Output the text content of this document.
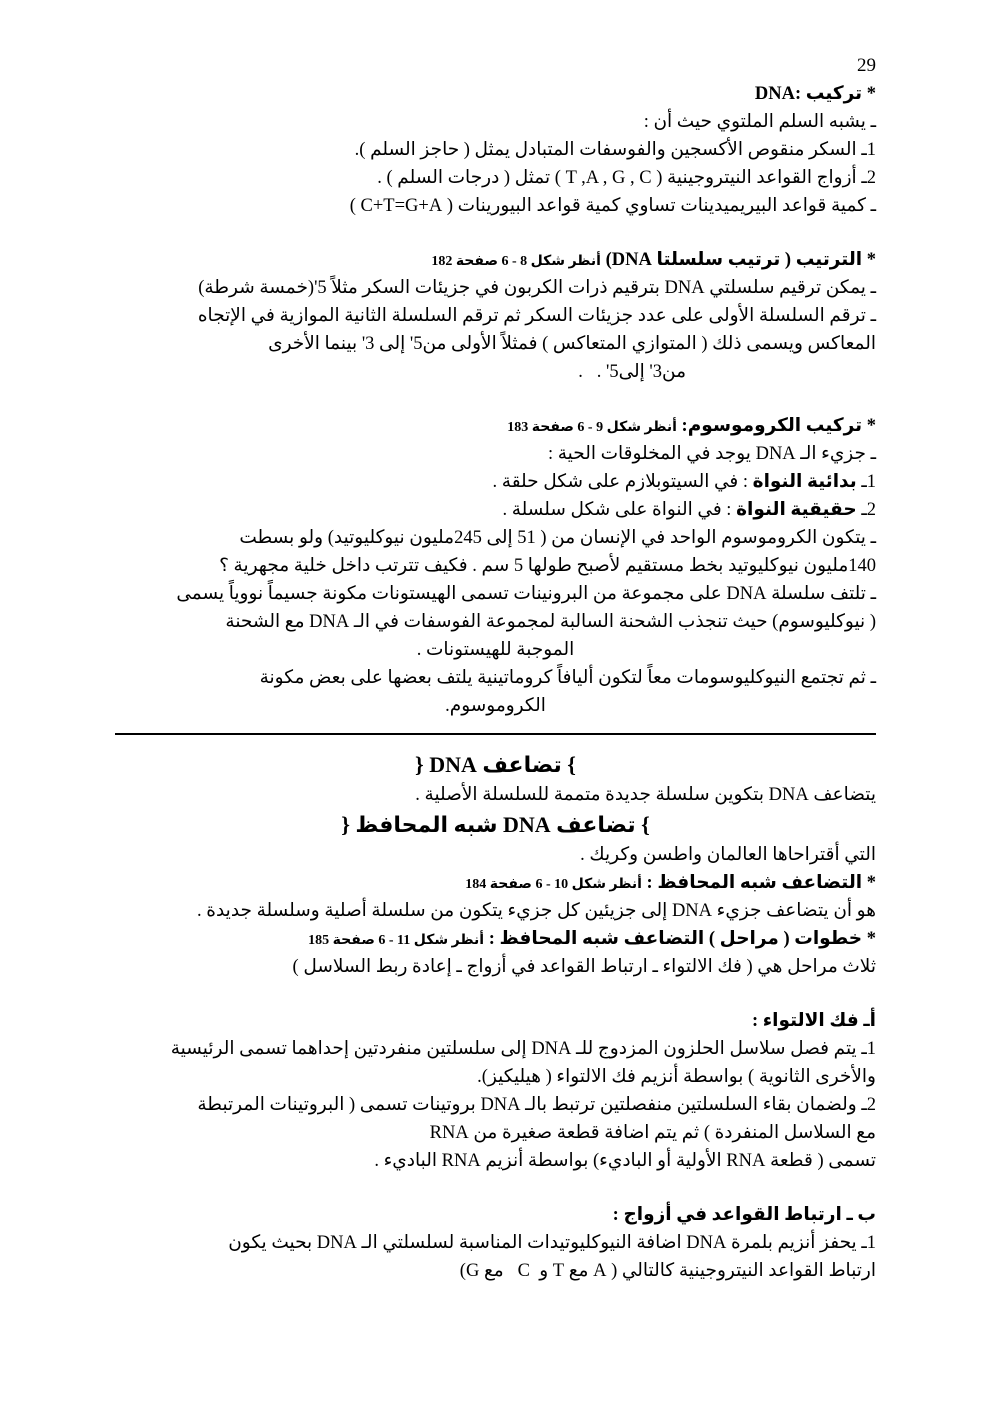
29
* تركيب :DNA
ـ يشبه السلم الملتوي حيث أن :
1ـ السكر منقوص الأكسجين والفوسفات المتبادل يمثل ( حاجز السلم ).
2ـ أزواج القواعد النيتروجينية ( T ,A , G , C ) تمثل ( درجات السلم ) .
ـ كمية قواعد البيريميدينات تساوي كمية قواعد البيورينات ( C+T=G+A )
* الترتيب ( ترتيب سلسلتا DNA) أنظر شكل 8 - 6 صفحة 182
ـ يمكن ترقيم سلسلتي DNA بترقيم ذرات الكربون في جزيئات السكر مثلاً 5'(خمسة شرطة)
ـ ترقم السلسلة الأولى على عدد جزيئات السكر ثم ترقم السلسلة الثانية الموازية في الإتجاه
المعاكس ويسمى ذلك ( المتوازي المتعاكس ) فمثلاً الأولى من5' إلى 3' بينما الأخرى
من3' إلى5' .   .
* تركيب الكروموسوم: أنظر شكل 9 - 6 صفحة 183
ـ جزيء الـ DNA يوجد في المخلوقات الحية :
1ـ بدائية النواة : في السيتوبلازم على شكل حلقة .
2ـ حقيقية النواة : في النواة على شكل سلسلة .
ـ يتكون الكروموسوم الواحد في الإنسان من ( 51 إلى 245مليون نيوكليوتيد) ولو بسطت
140مليون نيوكليوتيد بخط مستقيم لأصبح طولها 5 سم . فكيف تترتب داخل خلية مجهرية ؟
ـ تلتف سلسلة DNA على مجموعة من البرونينات تسمى الهيستونات مكونة جسيماً نووياً يسمى
( نيوكليوسوم) حيث تنجذب الشحنة السالبة لمجموعة الفوسفات في الـ DNA مع الشحنة
الموجبة للهيستونات .
ـ ثم تجتمع النيوكليوسومات معاً لتكون أليافاً كروماتينية يلتف بعضها على بعض مكونة
الكروموسوم.
} تضاعف DNA {
يتضاعف DNA بتكوين سلسلة جديدة متممة للسلسلة الأصلية .
} تضاعف DNA شبه المحافظ {
التي أقتراحاها العالمان واطسن وكريك .
* التضاعف شبه المحافظ : أنظر شكل 10 - 6 صفحة 184
هو أن يتضاعف جزيء DNA إلى جزيئين كل جزيء يتكون من سلسلة أصلية وسلسلة جديدة .
* خطوات ( مراحل ) التضاعف شبه المحافظ : أنظر شكل 11 - 6 صفحة 185
ثلاث مراحل هي ( فك الالتواء ـ ارتباط القواعد في أزواج ـ إعادة ربط السلاسل )
أـ فك الالتواء :
1ـ يتم فصل سلاسل الحلزون المزدوج للـ DNA إلى سلسلتين منفردتين إحداهما تسمى الرئيسية
والأخرى الثانوية ) بواسطة أنزيم فك الالتواء ( هيليكيز).
2ـ ولضمان بقاء السلسلتين منفصلتين ترتبط بالـ DNA بروتينات تسمى ( البروتينات المرتبطة
مع السلاسل المنفردة ) ثم يتم اضافة قطعة صغيرة من RNA
تسمى ( قطعة RNA الأولية أو الباديء) بواسطة أنزيم RNA الباديء .
ب ـ ارتباط القواعد في أزواج :
1ـ يحفز أنزيم بلمرة DNA اضافة النيوكليوتيدات المناسبة لسلسلتي الـ DNA بحيث يكون
ارتباط القواعد النيتروجينية كالتالي ( A مع T و  C   مع G)
